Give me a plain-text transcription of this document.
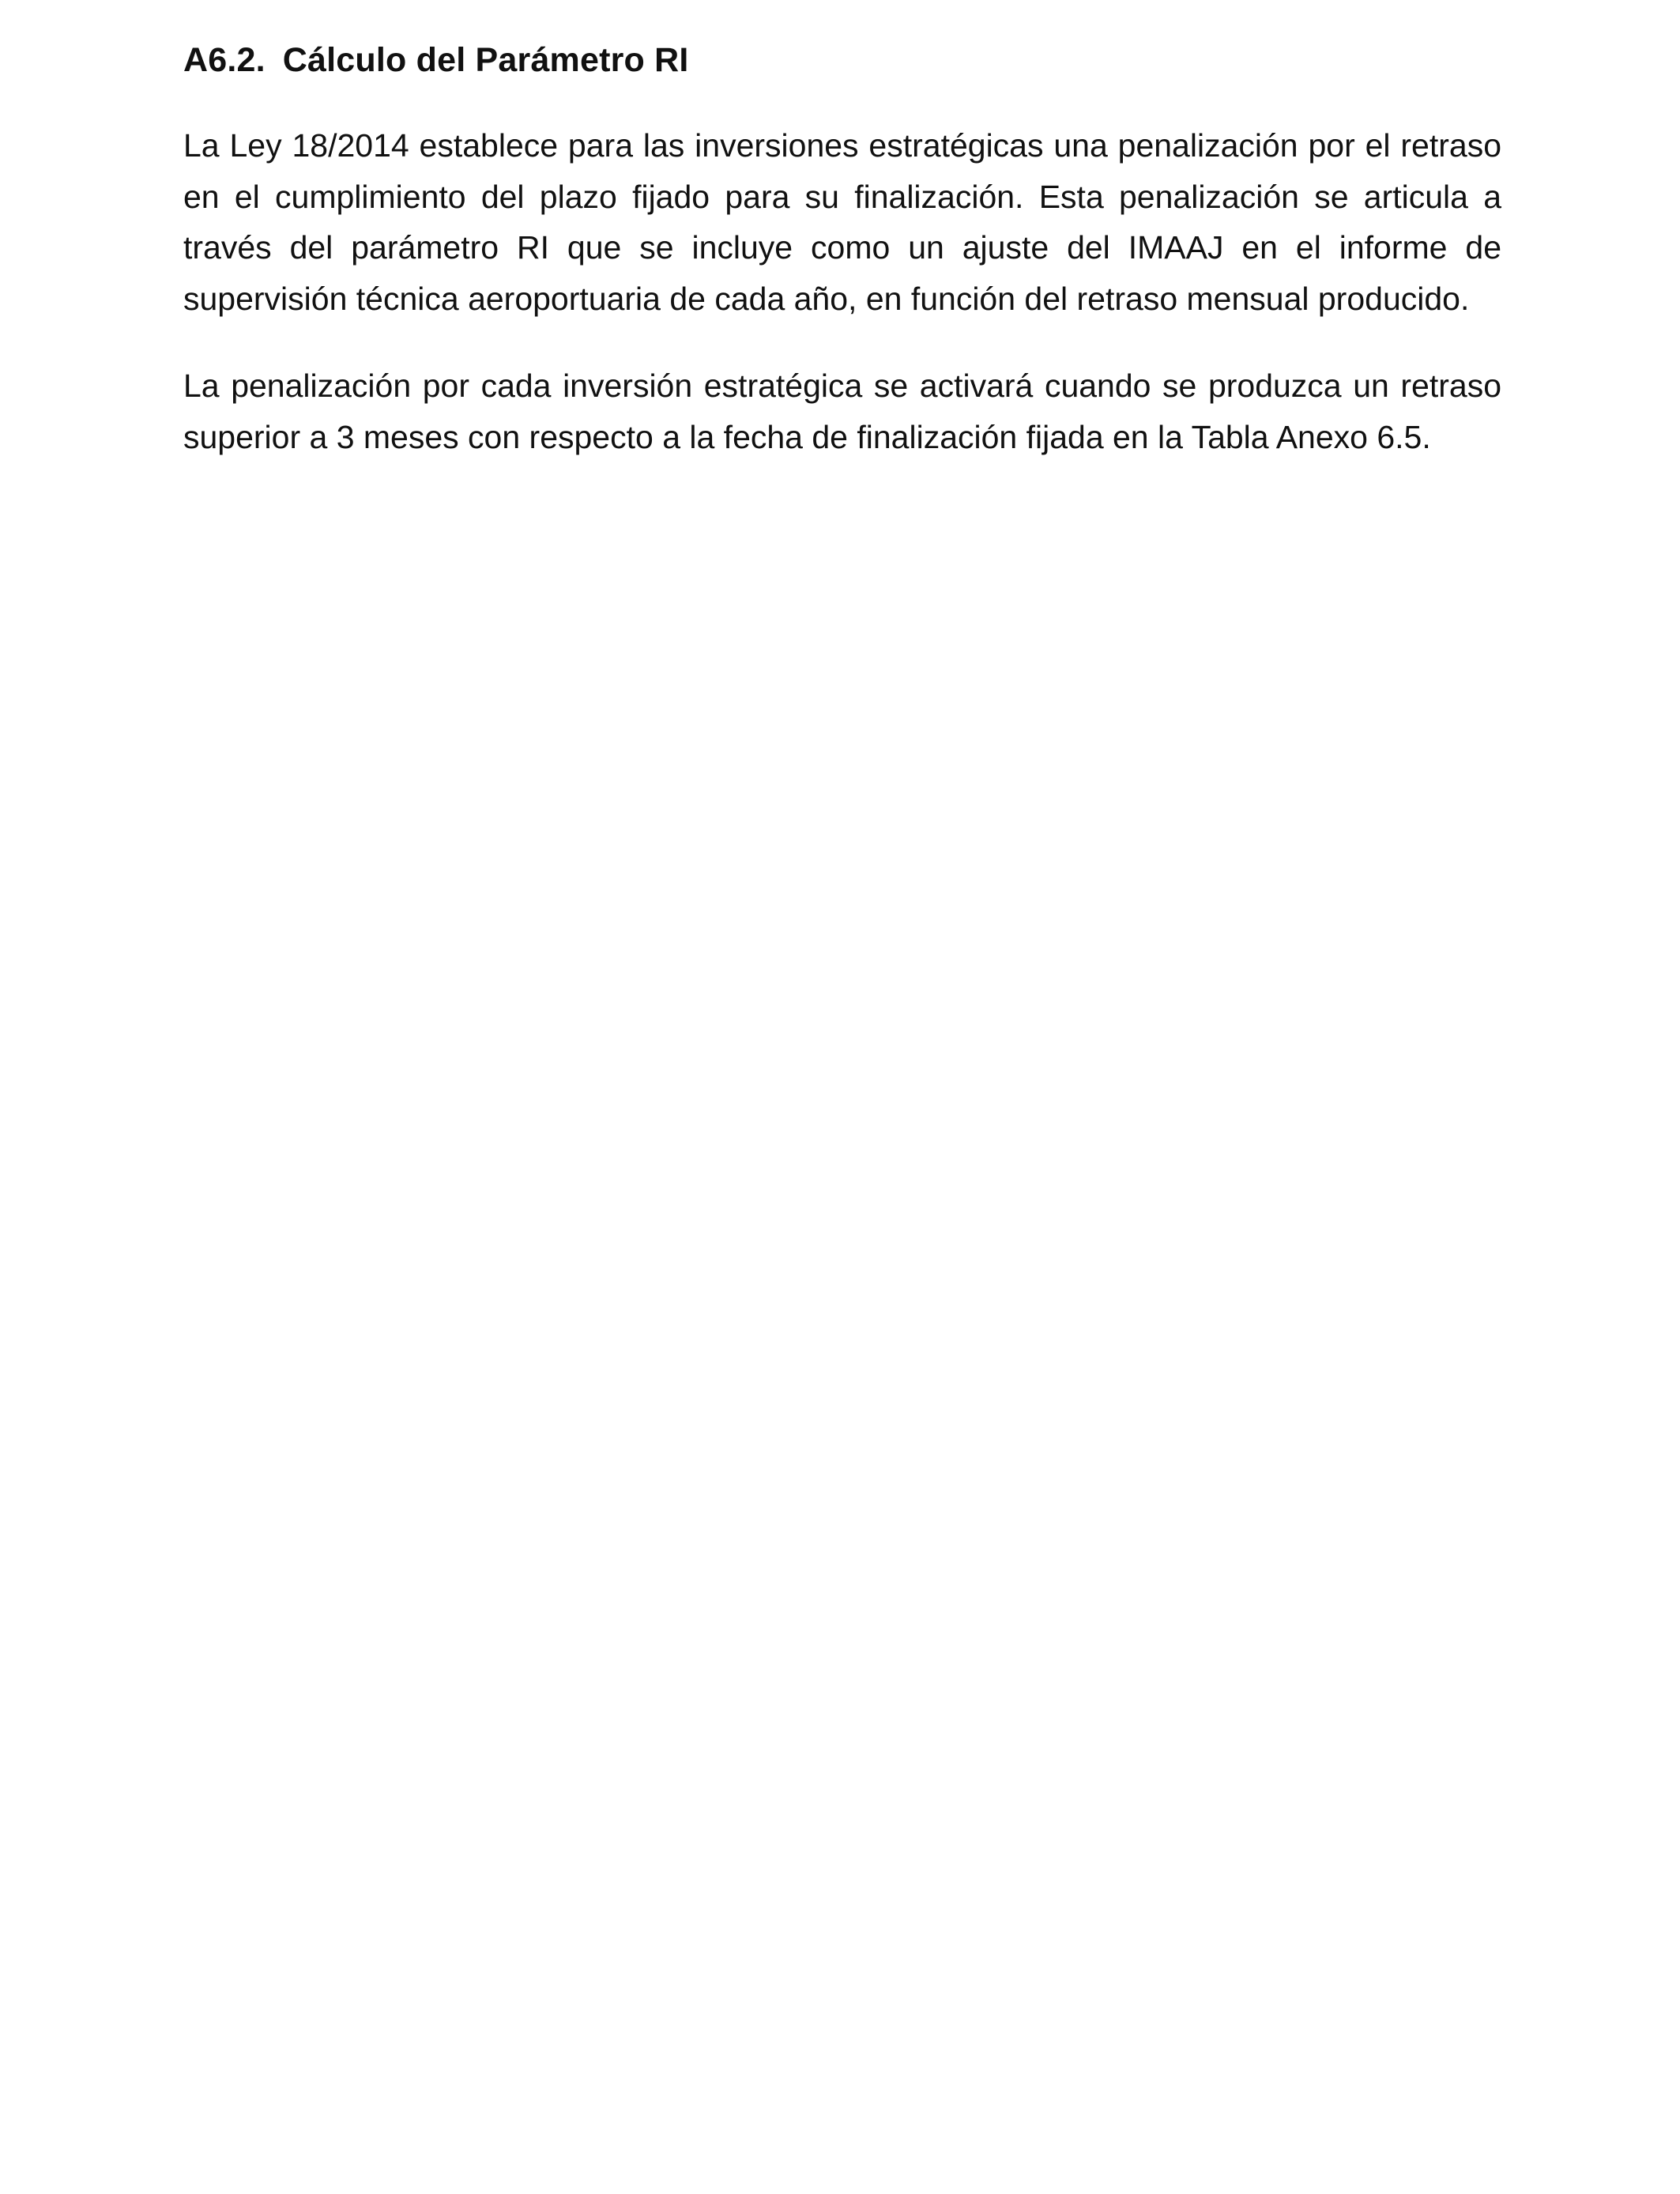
A6.2. Cálculo del Parámetro RI

La Ley 18/2014 establece para las inversiones estratégicas una penalización por el retraso en el cumplimiento del plazo fijado para su finalización. Esta penalización se articula a través del parámetro RI que se incluye como un ajuste del IMAAJ en el informe de supervisión técnica aeroportuaria de cada año, en función del retraso mensual producido.

La penalización por cada inversión estratégica se activará cuando se produzca un retraso superior a 3 meses con respecto a la fecha de finalización fijada en la Tabla Anexo 6.5.
